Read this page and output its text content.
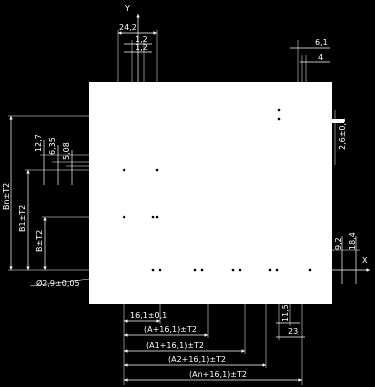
Y
24,2
1,2
1,2
6,1
4
2,6±0,1
Bn±T2
B1±T2
B±T2
12,7 6,35 5,08
X
9,2 18,4
Ø2,9±0,05
16,1±0,1
(A+16,1)±T2
(A1+16,1)±T2
(A2+16,1)±T2
(An+16,1)±T2
11,5
23
